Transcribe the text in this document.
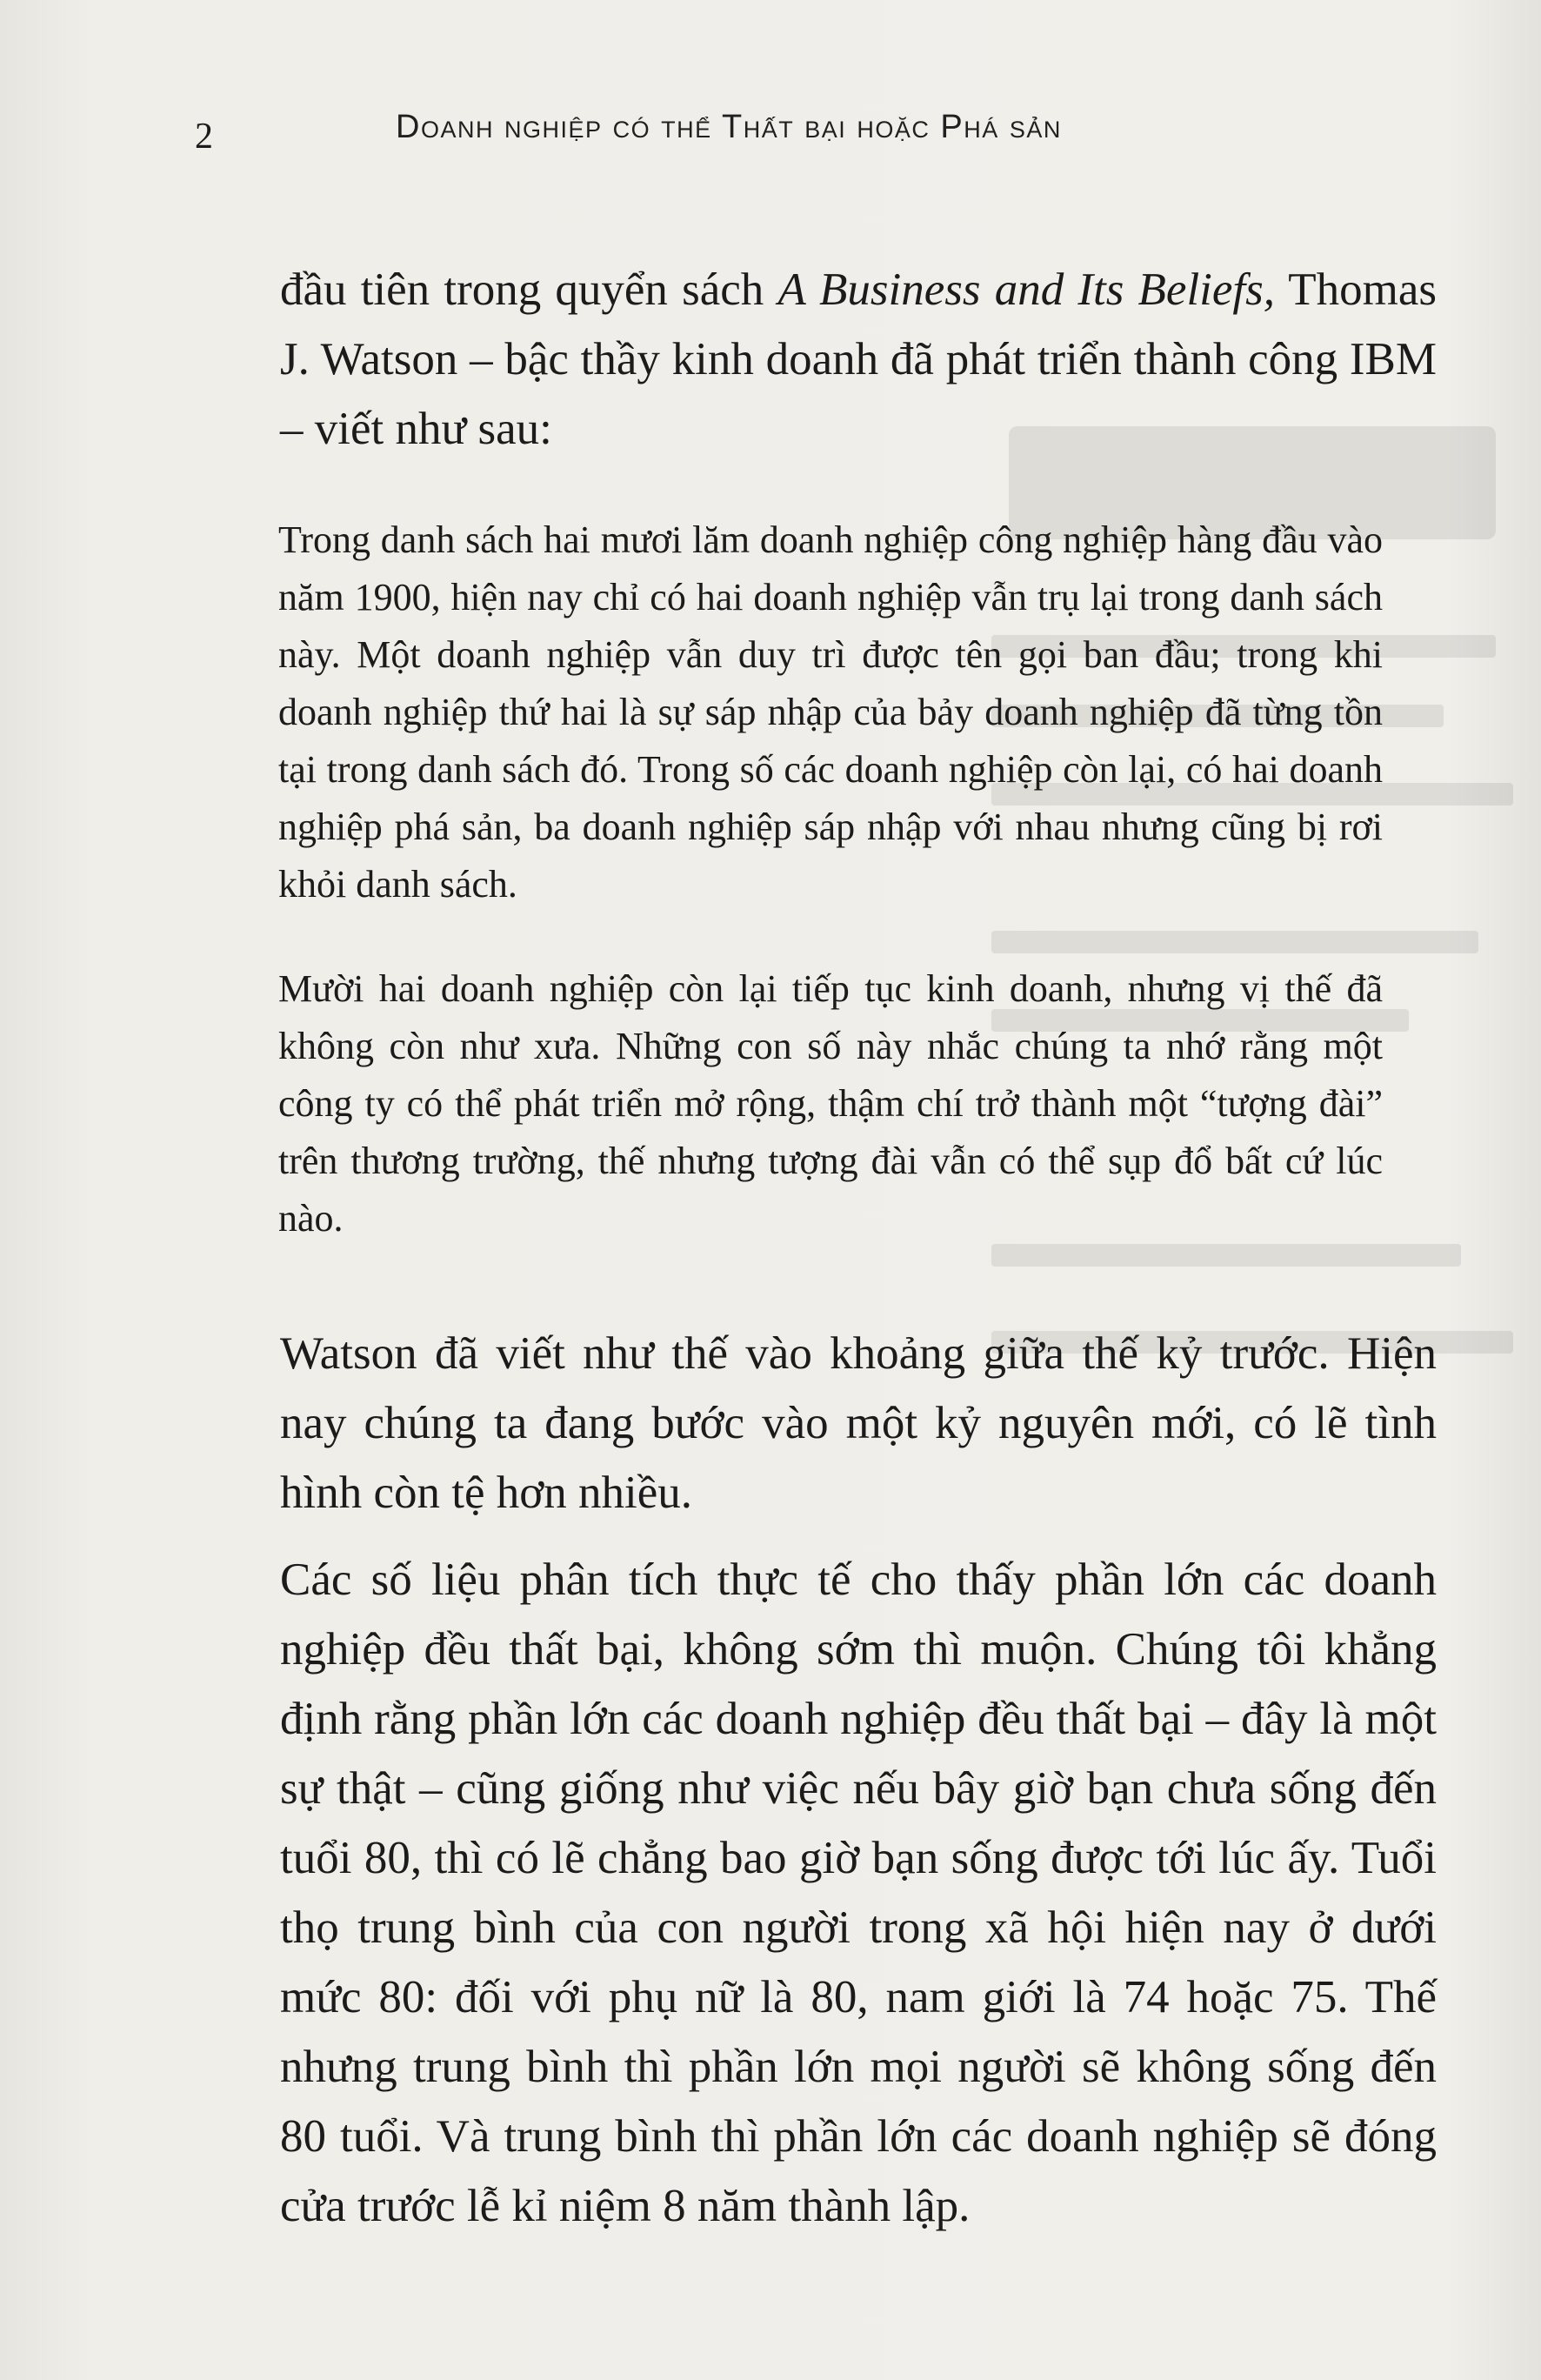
2	Doanh nghiệp có thể Thất bại hoặc Phá sản

đầu tiên trong quyển sách A Business and Its Beliefs, Thomas J. Watson – bậc thầy kinh doanh đã phát triển thành công IBM – viết như sau:

Trong danh sách hai mươi lăm doanh nghiệp công nghiệp hàng đầu vào năm 1900, hiện nay chỉ có hai doanh nghiệp vẫn trụ lại trong danh sách này. Một doanh nghiệp vẫn duy trì được tên gọi ban đầu; trong khi doanh nghiệp thứ hai là sự sáp nhập của bảy doanh nghiệp đã từng tồn tại trong danh sách đó. Trong số các doanh nghiệp còn lại, có hai doanh nghiệp phá sản, ba doanh nghiệp sáp nhập với nhau nhưng cũng bị rơi khỏi danh sách.

Mười hai doanh nghiệp còn lại tiếp tục kinh doanh, nhưng vị thế đã không còn như xưa. Những con số này nhắc chúng ta nhớ rằng một công ty có thể phát triển mở rộng, thậm chí trở thành một “tượng đài” trên thương trường, thế nhưng tượng đài vẫn có thể sụp đổ bất cứ lúc nào.

Watson đã viết như thế vào khoảng giữa thế kỷ trước. Hiện nay chúng ta đang bước vào một kỷ nguyên mới, có lẽ tình hình còn tệ hơn nhiều.

Các số liệu phân tích thực tế cho thấy phần lớn các doanh nghiệp đều thất bại, không sớm thì muộn. Chúng tôi khẳng định rằng phần lớn các doanh nghiệp đều thất bại – đây là một sự thật – cũng giống như việc nếu bây giờ bạn chưa sống đến tuổi 80, thì có lẽ chẳng bao giờ bạn sống được tới lúc ấy. Tuổi thọ trung bình của con người trong xã hội hiện nay ở dưới mức 80: đối với phụ nữ là 80, nam giới là 74 hoặc 75. Thế nhưng trung bình thì phần lớn mọi người sẽ không sống đến 80 tuổi. Và trung bình thì phần lớn các doanh nghiệp sẽ đóng cửa trước lễ kỉ niệm 8 năm thành lập.
